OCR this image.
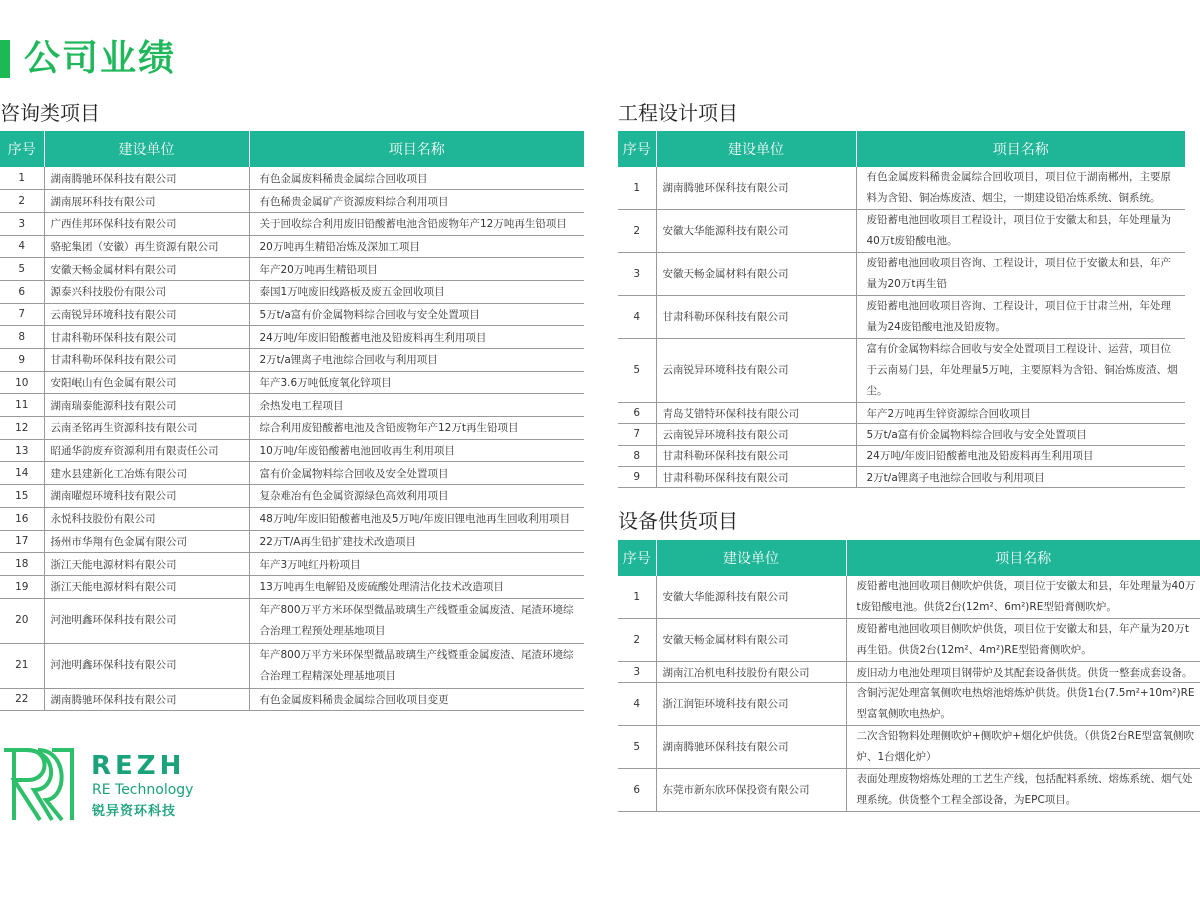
公司业绩
咨询类项目	工程设计项目
设备供货项目
序号	建设单位	项目名称
1	湖南腾驰环保科技有限公司	有色金属废料稀贵金属综合回收项目
2	湖南展环科技有限公司	有色稀贵金属矿产资源废料综合利用项目
3	广西佳邦环保科技有限公司	关于回收综合利用废旧铅酸蓄电池含铅废物年产12万吨再生铅项目
4	骆驼集团（安徽）再生资源有限公司	20万吨再生精铅冶炼及深加工项目
5	安徽天畅金属材料有限公司	年产20万吨再生精铅项目
6	源泰兴科技股份有限公司	泰国1万吨废旧线路板及废五金回收项目
7	云南锐异环境科技有限公司	5万t/a富有价金属物料综合回收与安全处置项目
8	甘肃科勒环保科技有限公司	24万吨/年废旧铅酸蓄电池及铅废料再生利用项目
9	甘肃科勒环保科技有限公司	2万t/a锂离子电池综合回收与利用项目
10	安阳岷山有色金属有限公司	年产3.6万吨低度氧化锌项目
11	湖南瑞泰能源科技有限公司	余热发电工程项目
12	云南圣铭再生资源科技有限公司	综合利用废铅酸蓄电池及含铅废物年产12万t再生铅项目
13	昭通华韵废弃资源利用有限责任公司	10万吨/年废铅酸蓄电池回收再生利用项目
14	建水县建新化工冶炼有限公司	富有价金属物料综合回收及安全处置项目
15	湖南曜煜环境科技有限公司	复杂难冶有色金属资源绿色高效利用项目
16	永悦科技股份有限公司	48万吨/年废旧铅酸蓄电池及5万吨/年废旧锂电池再生回收利用项目
17	扬州市华翔有色金属有限公司	22万T/A再生铅扩建技术改造项目
18	浙江天能电源材料有限公司	年产3万吨红丹粉项目
19	浙江天能电源材料有限公司	13万吨再生电解铅及废硫酸处理清洁化技术改造项目
20	河池明鑫环保科技有限公司	年产800万平方米环保型微晶玻璃生产线暨重金属废渣、尾渣环境综合治理工程预处理基地项目
21	河池明鑫环保科技有限公司	年产800万平方米环保型微晶玻璃生产线暨重金属废渣、尾渣环境综合治理工程精深处理基地项目
22	湖南腾驰环保科技有限公司	有色金属废料稀贵金属综合回收项目变更
序号	建设单位	项目名称
1	湖南腾驰环保科技有限公司	有色金属废料稀贵金属综合回收项目，项目位于湖南郴州，主要原料为含铅、铜冶炼废渣、烟尘，一期建设铅冶炼系统、铜系统。
2	安徽大华能源科技有限公司	废铅蓄电池回收项目工程设计，项目位于安徽太和县，年处理量为40万t废铅酸电池。
3	安徽天畅金属材料有限公司	废铅蓄电池回收项目咨询、工程设计，项目位于安徽太和县，年产量为20万t再生铅
4	甘肃科勒环保科技有限公司	废铅蓄电池回收项目咨询、工程设计，项目位于甘肃兰州，年处理量为24废铅酸电池及铅废物。
5	云南锐异环境科技有限公司	富有价金属物料综合回收与安全处置项目工程设计、运营，项目位于云南易门县，年处理量5万吨，主要原料为含铅、铜冶炼废渣、烟尘。
6	青岛艾错特环保科技有限公司	年产2万吨再生锌资源综合回收项目
7	云南锐异环境科技有限公司	5万t/a富有价金属物料综合回收与安全处置项目
8	甘肃科勒环保科技有限公司	24万吨/年废旧铅酸蓄电池及铅废料再生利用项目
9	甘肃科勒环保科技有限公司	2万t/a锂离子电池综合回收与利用项目
序号	建设单位	项目名称
1	安徽大华能源科技有限公司	废铅蓄电池回收项目侧吹炉供货，项目位于安徽太和县，年处理量为40万t废铅酸电池。供货2台(12m²、6m²)RE型铅膏侧吹炉。
2	安徽天畅金属材料有限公司	废铅蓄电池回收项目侧吹炉供货，项目位于安徽太和县，年产量为20万t再生铅。供货2台(12m²、4m²)RE型铅膏侧吹炉。
3	湖南江冶机电科技股份有限公司	废旧动力电池处理项目钢带炉及其配套设备供货。供货一整套成套设备。
4	浙江润钜环境科技有限公司	含铜污泥处理富氧侧吹电热熔池熔炼炉供货。供货1台(7.5m²+10m²)RE型富氧侧吹电热炉。
5	湖南腾驰环保科技有限公司	二次含铅物料处理侧吹炉+侧吹炉+烟化炉供货。（供货2台RE型富氧侧吹炉、1台烟化炉）
6	东莞市新东欣环保投资有限公司	表面处理废物熔炼处理的工艺生产线，包括配料系统、熔炼系统、烟气处理系统。供货整个工程全部设备，为EPC项目。
REZH
RE Technology
锐异资环科技
